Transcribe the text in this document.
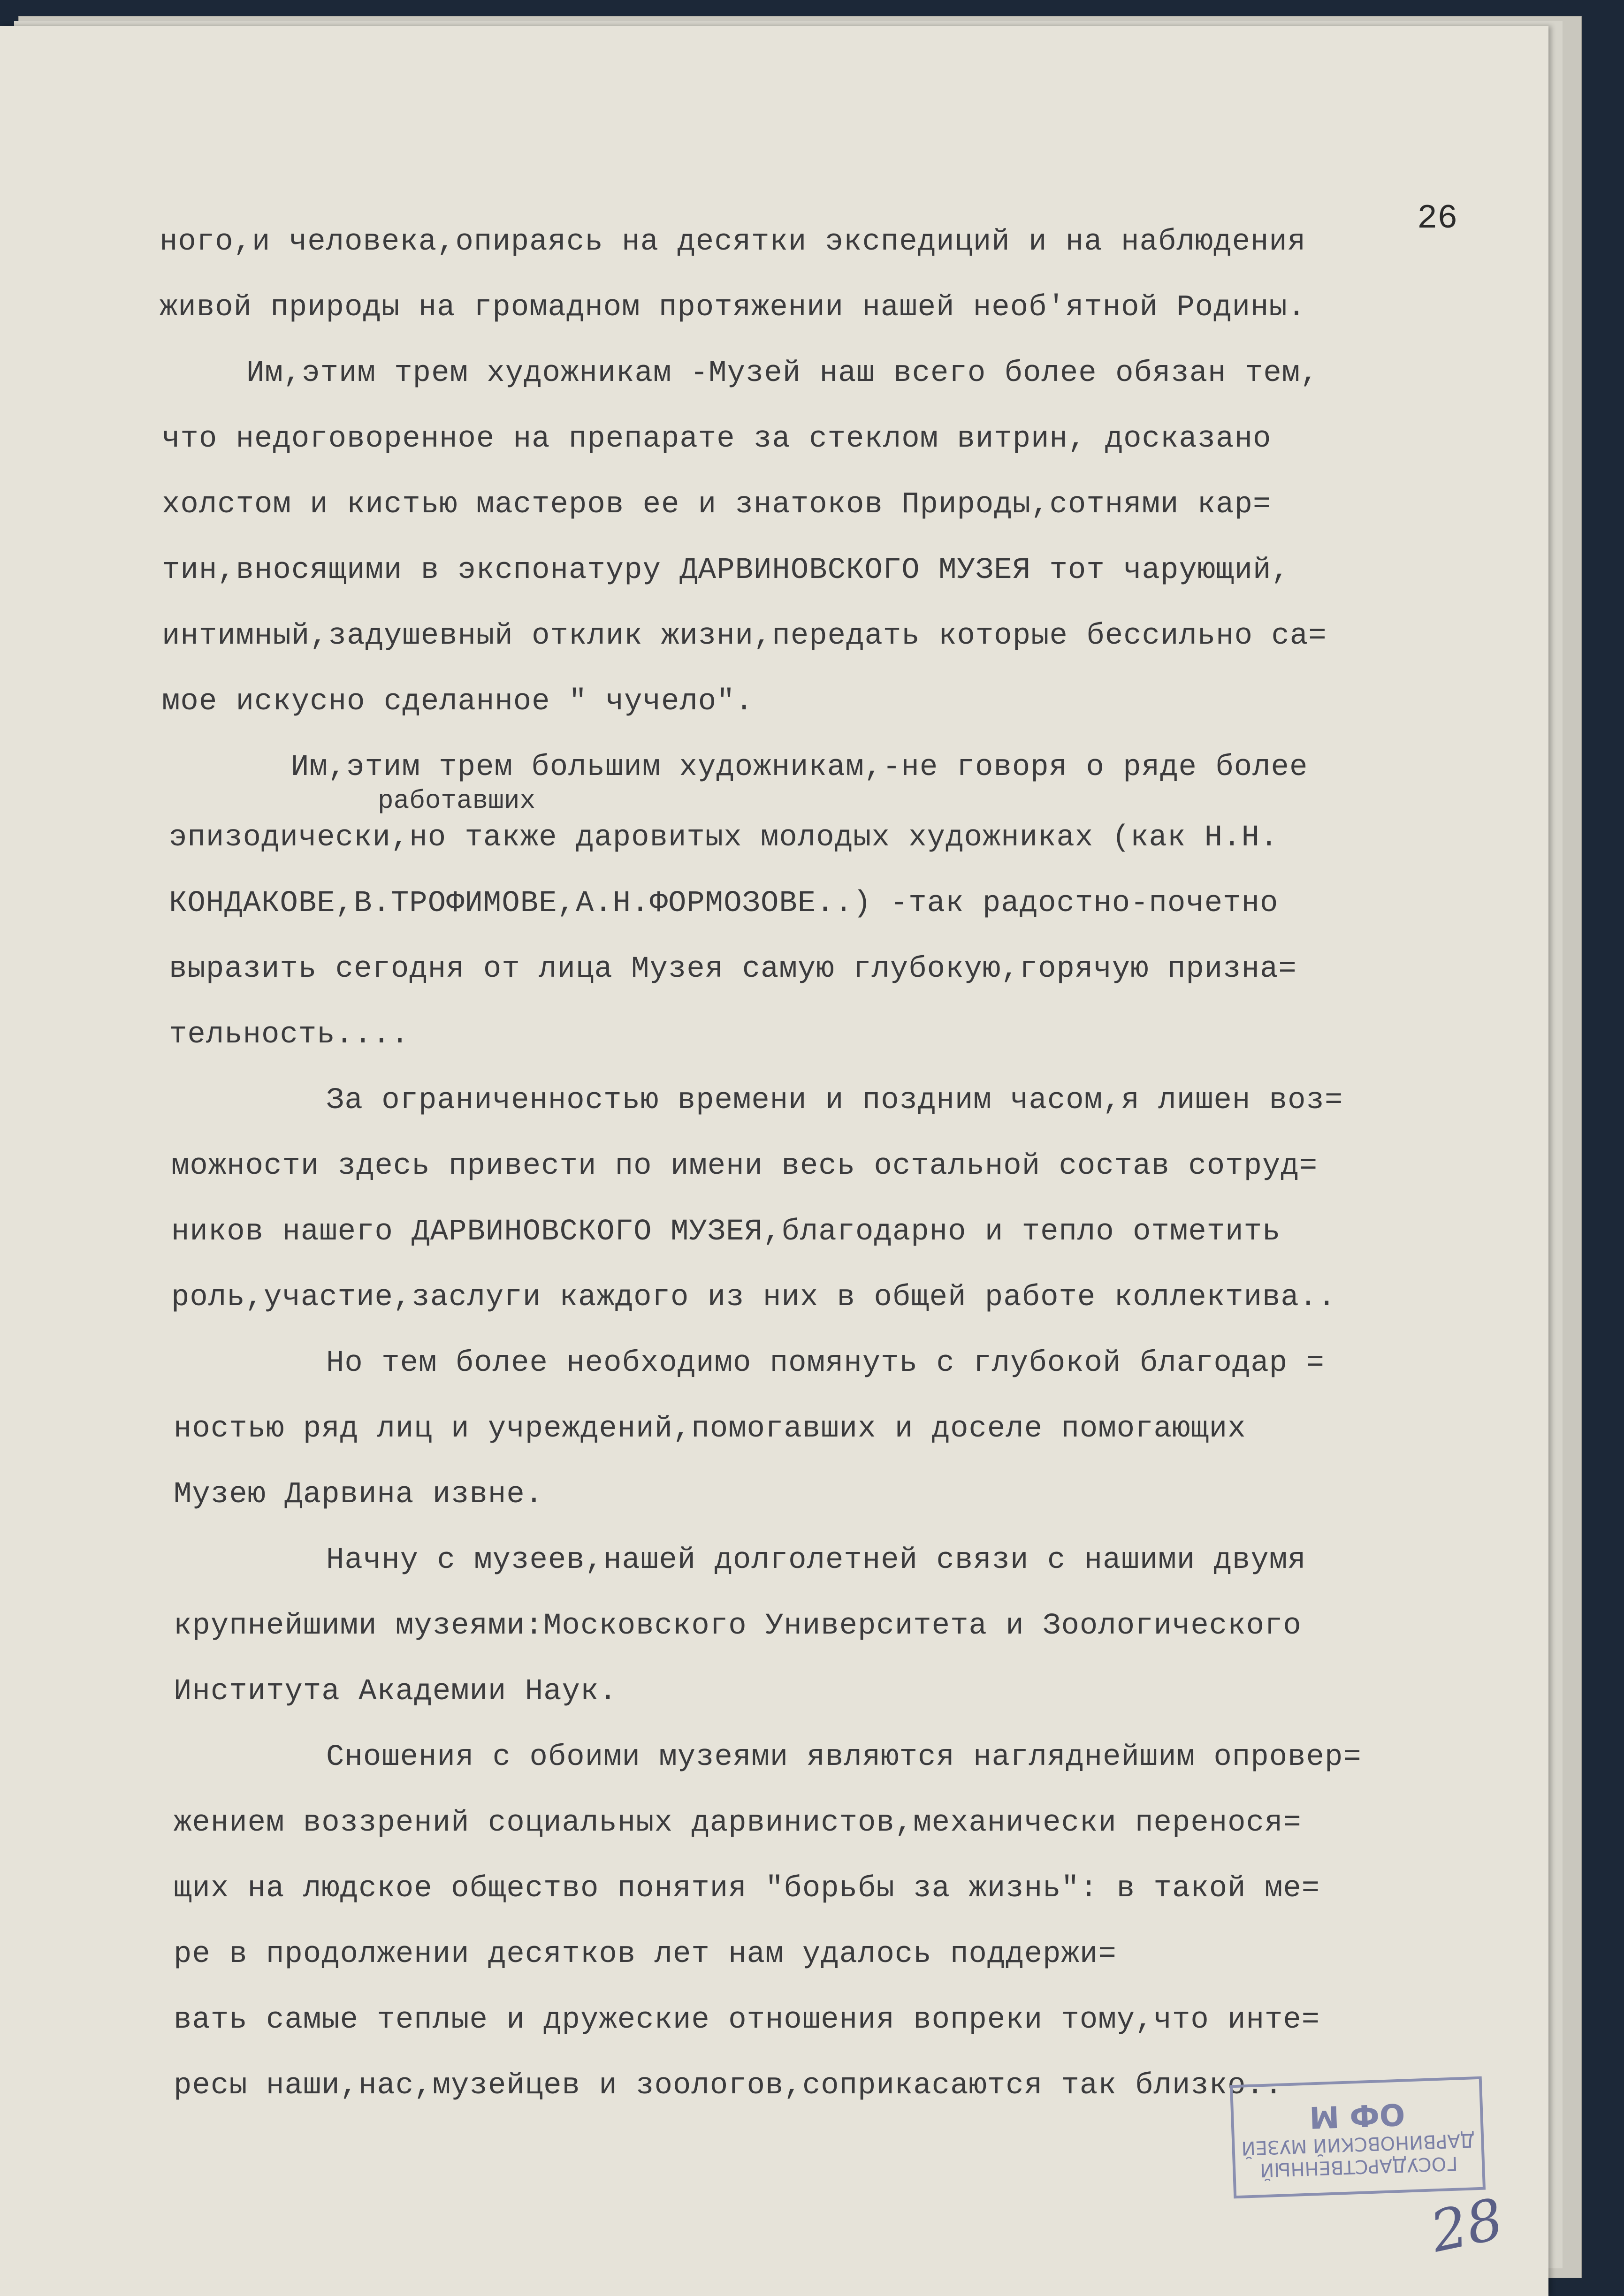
26
ного,и человека,опираясь на десятки экспедиций и на наблюдения
живой природы на громадном протяжении нашей необ'ятной Родины.
Им,этим трем художникам -Музей наш всего более обязан тем,
что недоговоренное на препарате за стеклом витрин, досказано
холстом и кистью мастеров ее и знатоков Природы,сотнями кар=
тин,вносящими в экспонатуру ДАРВИНОВСКОГО МУЗЕЯ тот чарующий,
интимный,задушевный отклик жизни,передать которые бессильно са=
мое искусно сделанное " чучело".
Им,этим трем большим художникам,-не говоря о ряде более
работавших
эпизодически,но также даровитых молодых художниках (как Н.Н.
КОНДАКОВЕ,В.ТРОФИМОВЕ,А.Н.ФОРМОЗОВЕ..) -так радостно-почетно
выразить сегодня от лица Музея самую глубокую,горячую призна=
тельность....
За ограниченностью времени и поздним часом,я лишен воз=
можности здесь привести по имени весь остальной состав сотруд=
ников нашего ДАРВИНОВСКОГО МУЗЕЯ,благодарно и тепло отметить
роль,участие,заслуги каждого из них в общей работе коллектива..
Но тем более необходимо помянуть с глубокой благодар =
ностью ряд лиц и учреждений,помогавших и доселе помогающих
Музею Дарвина извне.
Начну с музеев,нашей долголетней связи с нашими двумя
крупнейшими музеями:Московского Университета и Зоологического
Института Академии Наук.
Сношения с обоими музеями являются нагляднейшим опровер=
жением воззрений социальных дарвинистов,механически перенося=
щих на людское общество понятия "борьбы за жизнь": в такой ме=
ре в продолжении десятков лет нам удалось поддержи=
вать самые теплые и дружеские отношения вопреки тому,что инте=
ресы наши,нас,музейцев и зоологов,соприкасаются так близко..
ОФ М
ДАРВИНОВСКИЙ МУЗЕЙ
ГОСУДАРСТВЕННЫЙ
28
